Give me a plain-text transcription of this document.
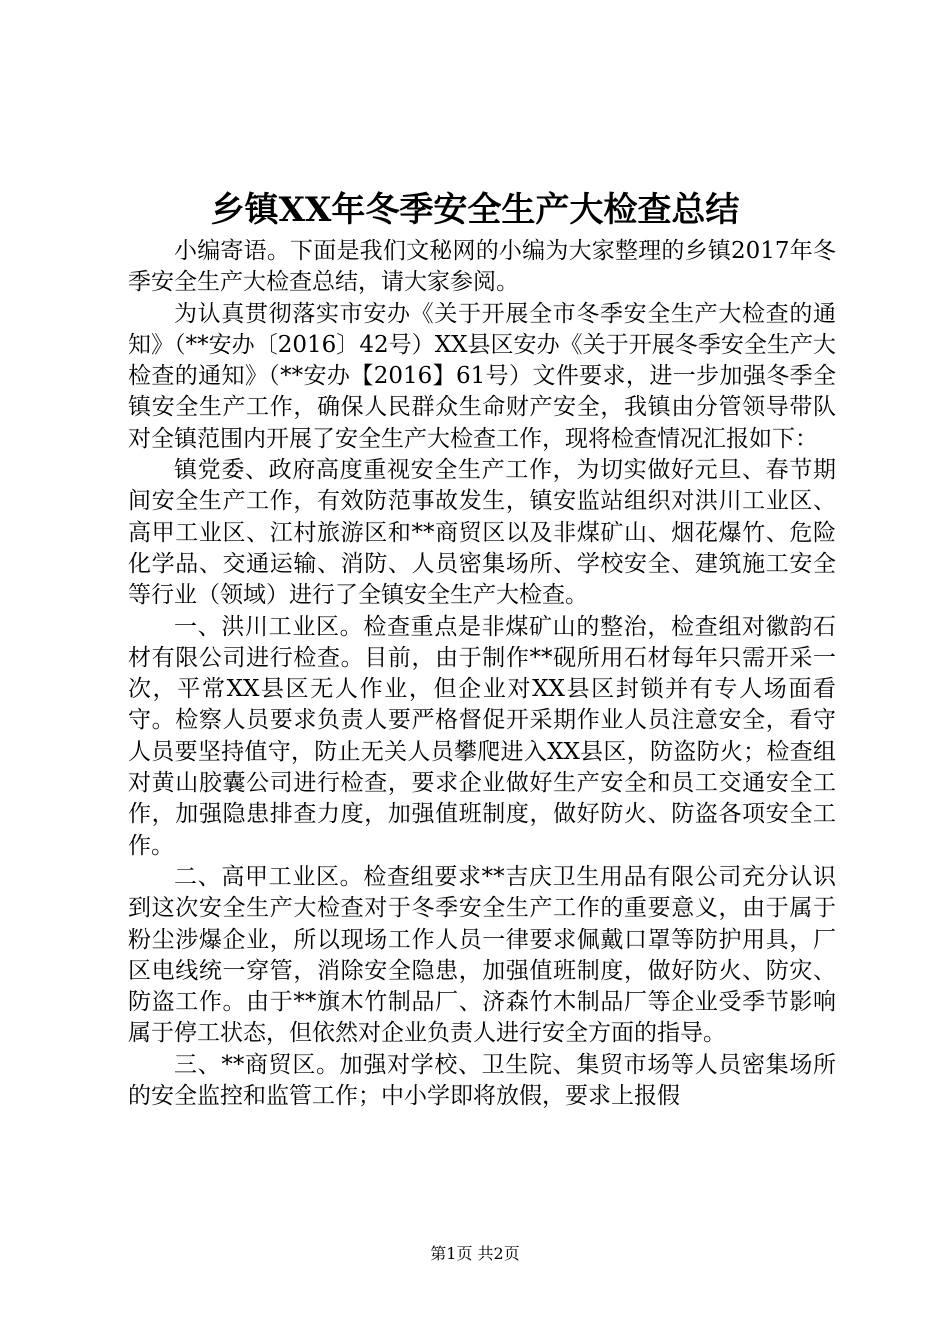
乡镇XX年冬季安全生产大检查总结

小编寄语。下面是我们文秘网的小编为大家整理的乡镇2017年冬季安全生产大检查总结，请大家参阅。

为认真贯彻落实市安办《关于开展全市冬季安全生产大检查的通知》（**安办〔2016〕42号）XX县区安办《关于开展冬季安全生产大检查的通知》（**安办【2016】61号）文件要求，进一步加强冬季全镇安全生产工作，确保人民群众生命财产安全，我镇由分管领导带队对全镇范围内开展了安全生产大检查工作，现将检查情况汇报如下：

镇党委、政府高度重视安全生产工作，为切实做好元旦、春节期间安全生产工作，有效防范事故发生，镇安监站组织对洪川工业区、高甲工业区、江村旅游区和**商贸区以及非煤矿山、烟花爆竹、危险化学品、交通运输、消防、人员密集场所、学校安全、建筑施工安全等行业（领域）进行了全镇安全生产大检查。

一、洪川工业区。检查重点是非煤矿山的整治，检查组对徽韵石材有限公司进行检查。目前，由于制作**砚所用石材每年只需开采一次，平常XX县区无人作业，但企业对XX县区封锁并有专人场面看守。检察人员要求负责人要严格督促开采期作业人员注意安全，看守人员要坚持值守，防止无关人员攀爬进入XX县区，防盗防火；检查组对黄山胶囊公司进行检查，要求企业做好生产安全和员工交通安全工作，加强隐患排查力度，加强值班制度，做好防火、防盗各项安全工作。

二、高甲工业区。检查组要求**吉庆卫生用品有限公司充分认识到这次安全生产大检查对于冬季安全生产工作的重要意义，由于属于粉尘涉爆企业，所以现场工作人员一律要求佩戴口罩等防护用具，厂区电线统一穿管，消除安全隐患，加强值班制度，做好防火、防灾、防盗工作。由于**旗木竹制品厂、济森竹木制品厂等企业受季节影响属于停工状态，但依然对企业负责人进行安全方面的指导。

三、**商贸区。加强对学校、卫生院、集贸市场等人员密集场所的安全监控和监管工作；中小学即将放假，要求上报假

第1页 共2页
